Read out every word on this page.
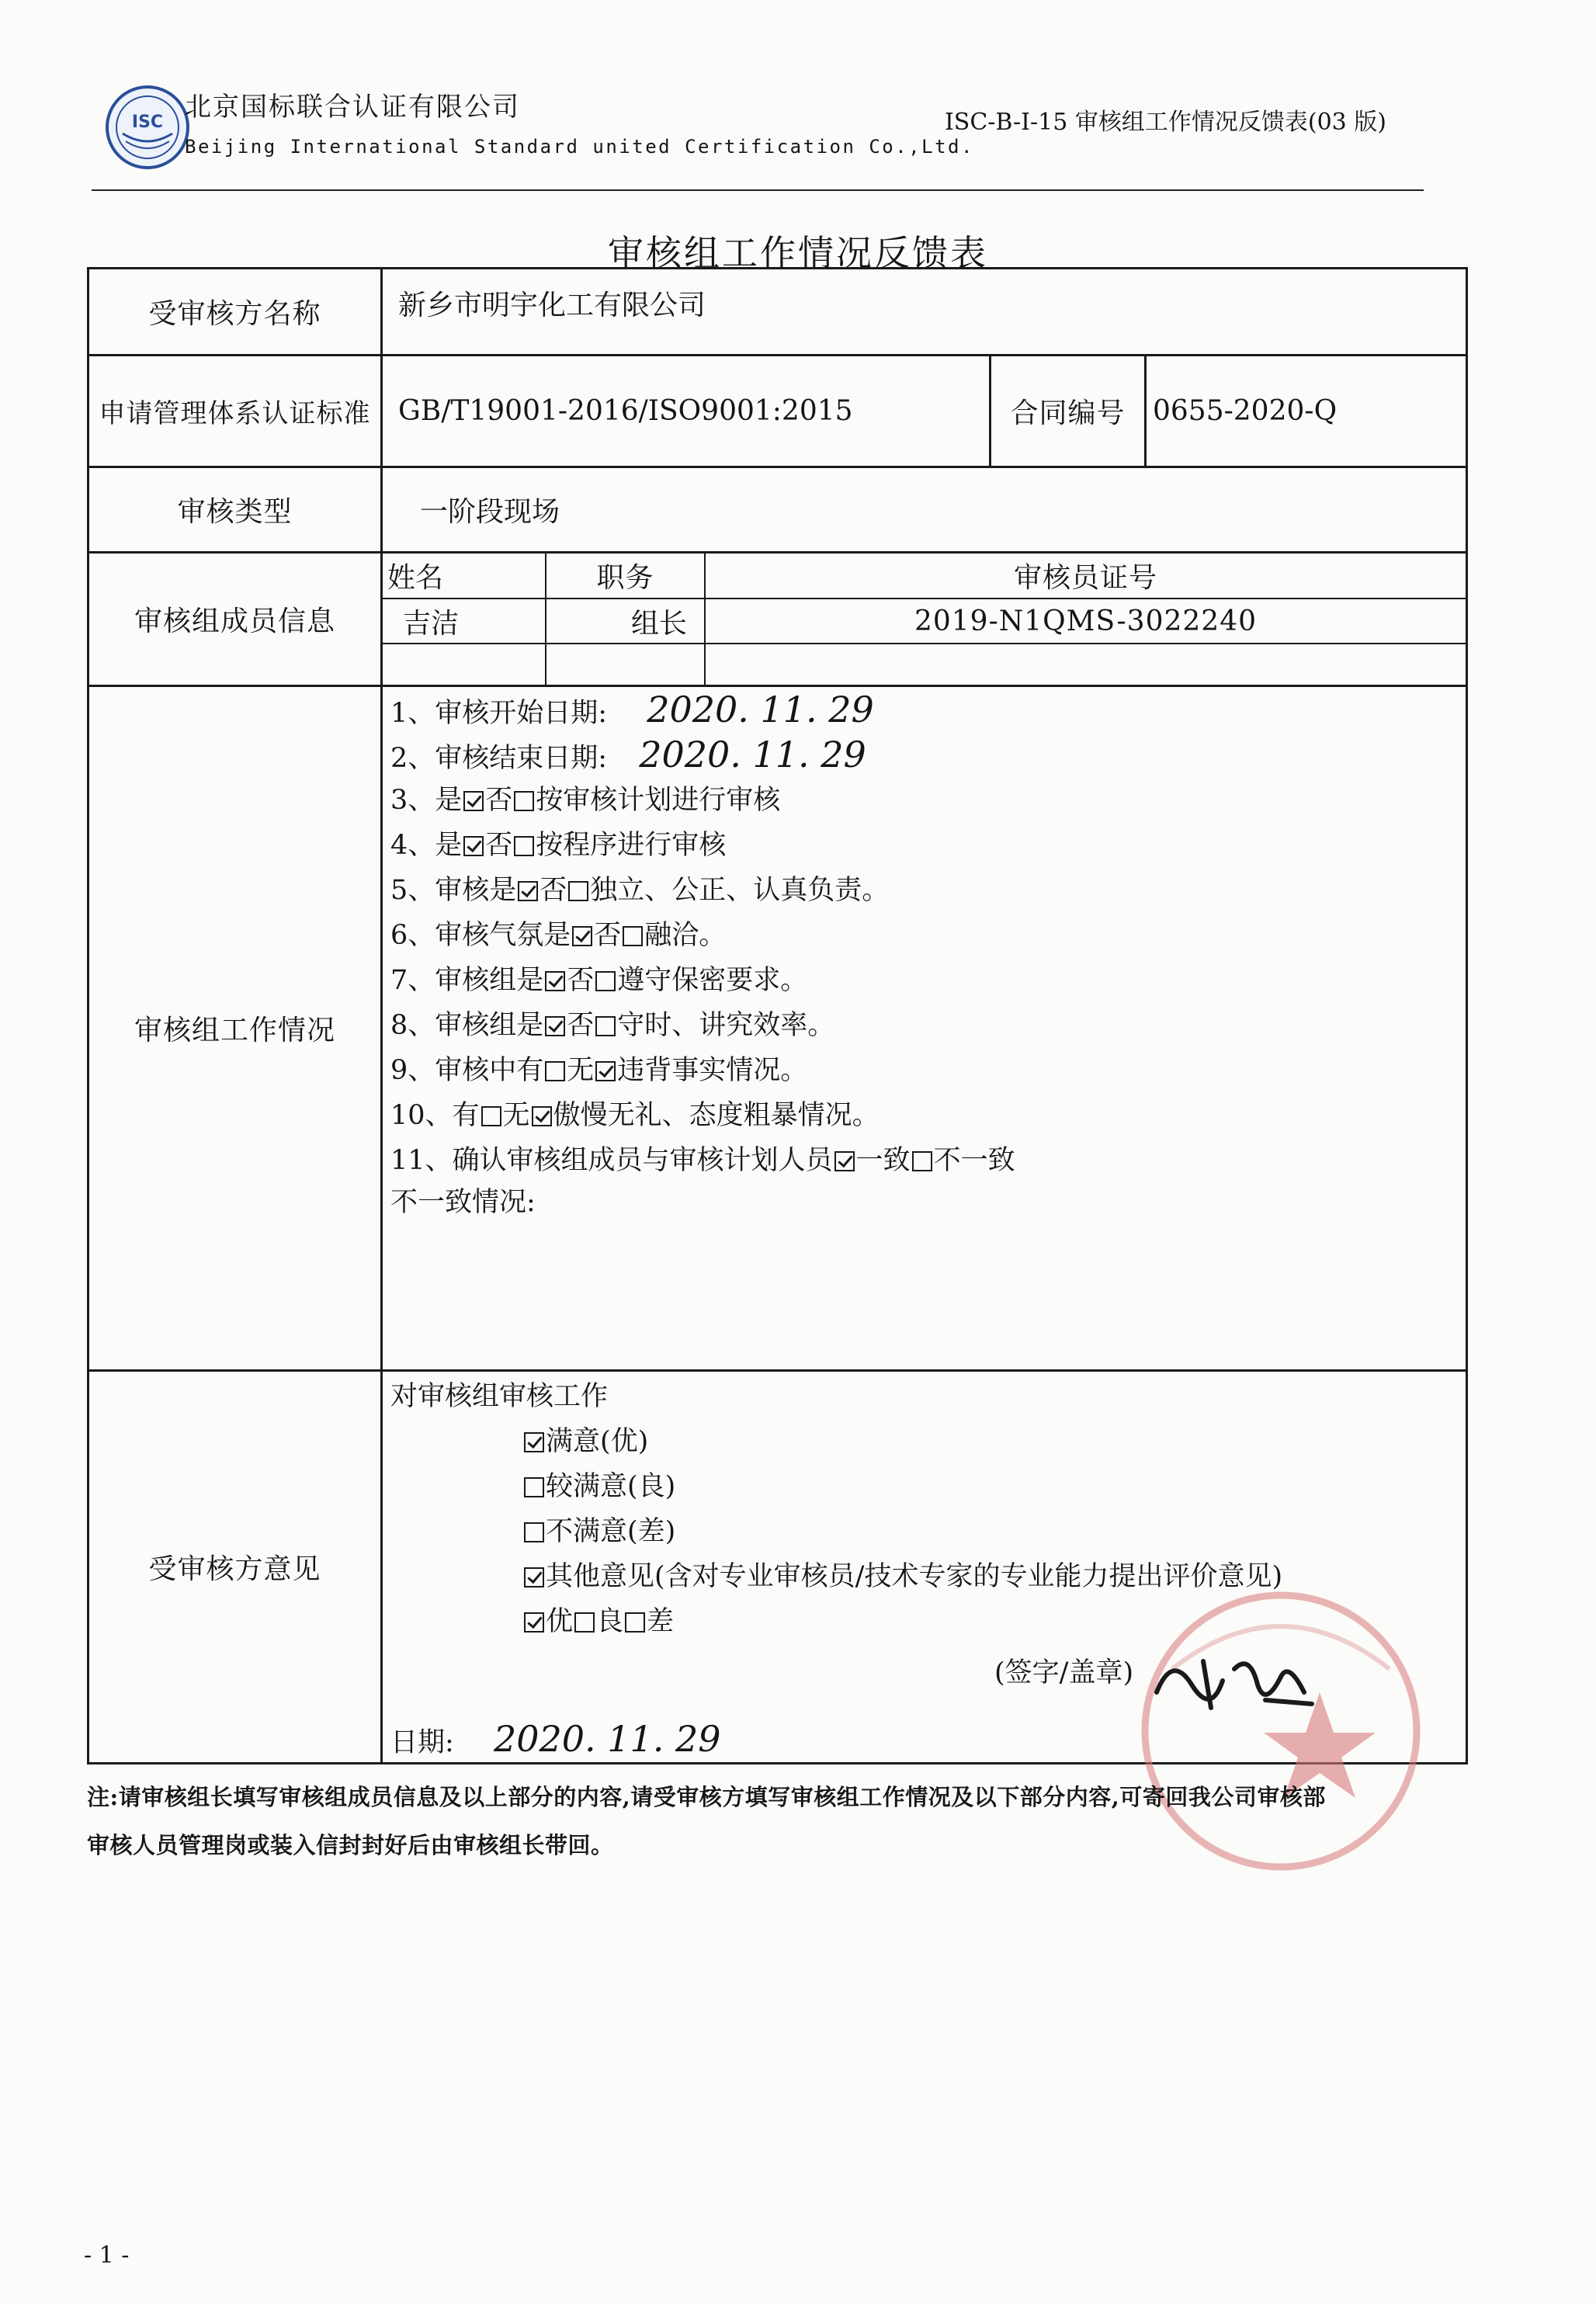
ISC 北京国标联合认证有限公司
Beijing International Standard united Certification Co.,Ltd.
ISC-B-I-15 审核组工作情况反馈表(03 版)
审核组工作情况反馈表
受审核方名称	新乡市明宇化工有限公司
申请管理体系认证标准	GB/T19001-2016/ISO9001:2015	合同编号	0655-2020-Q
审核类型	一阶段现场
审核组成员信息	
姓名	职务	审核员证号
吉洁	组长	2019-N1QMS-3022240

审核组工作情况	
1、审核开始日期: 2020. 11. 29
2、审核结束日期: 2020. 11. 29
3、是 否 按审核计划进行审核
4、是 否 按程序进行审核
5、审核是 否 独立、公正、认真负责。
6、审核气氛是 否 融洽。
7、审核组是 否 遵守保密要求。
8、审核组是 否 守时、讲究效率。
9、审核中有 无 违背事实情况。
10、有 无 傲慢无礼、态度粗暴情况。
11、确认审核组成员与审核计划人员 一致 不一致
不一致情况:

受审核方意见	
对审核组审核工作
满意(优)
较满意(良)
不满意(差)
其他意见(含对专业审核员/技术专家的专业能力提出评价意见)
优 良 差
(签字/盖章)
日期: 2020. 11. 29
注:请审核组长填写审核组成员信息及以上部分的内容,请受审核方填写审核组工作情况及以下部分内容,可寄回我公司审核部
审核人员管理岗或装入信封封好后由审核组长带回。
- 1 -
